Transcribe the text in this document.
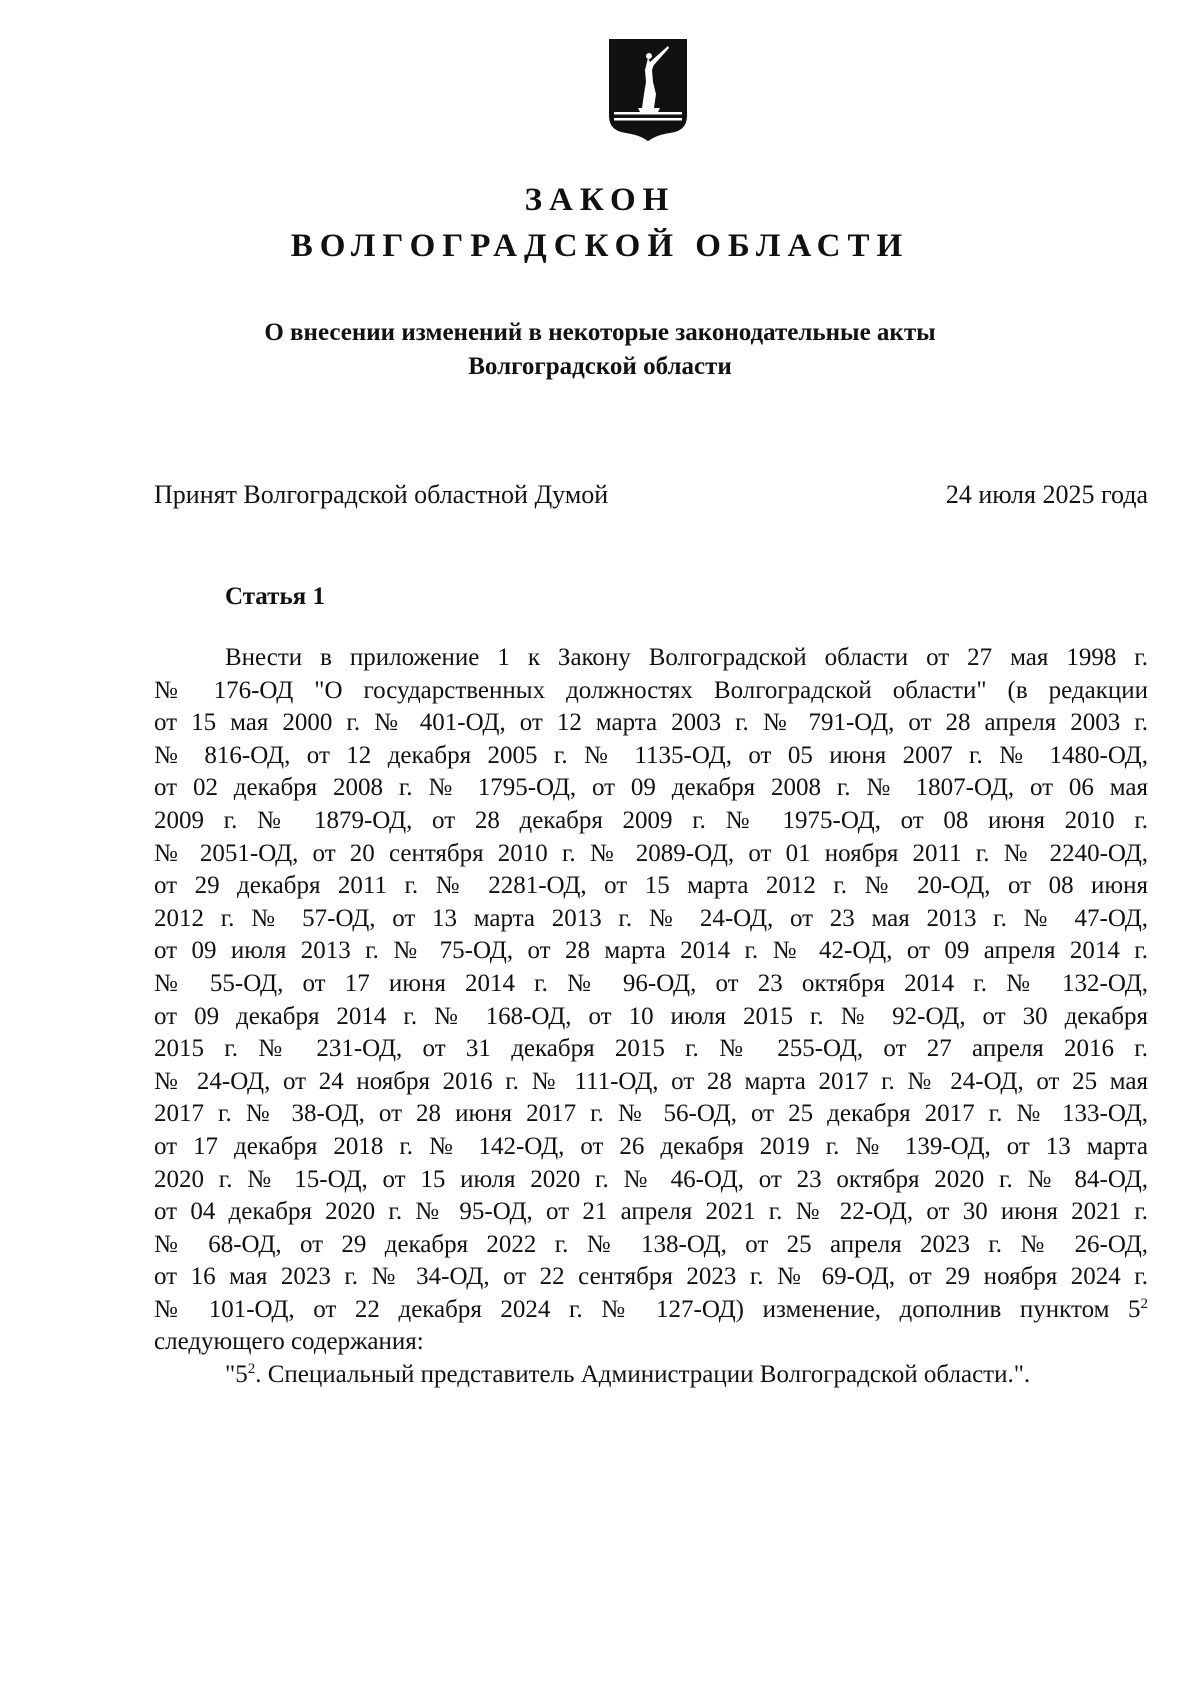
ЗАКОН
ВОЛГОГРАДСКОЙ ОБЛАСТИ
О внесении изменений в некоторые законодательные акты
Волгоградской области
Принят Волгоградской областной Думой	24 июля 2025 года
Статья 1
Внести в приложение 1 к Закону Волгоградской области от 27 мая 1998 г.
№ 176-ОД "О государственных должностях Волгоградской области" (в редакции
от 15 мая 2000 г. № 401-ОД, от 12 марта 2003 г. № 791-ОД, от 28 апреля 2003 г.
№ 816-ОД, от 12 декабря 2005 г. № 1135-ОД, от 05 июня 2007 г. № 1480-ОД,
от 02 декабря 2008 г. № 1795-ОД, от 09 декабря 2008 г. № 1807-ОД, от 06 мая
2009 г. № 1879-ОД, от 28 декабря 2009 г. № 1975-ОД, от 08 июня 2010 г.
№ 2051-ОД, от 20 сентября 2010 г. № 2089-ОД, от 01 ноября 2011 г. № 2240-ОД,
от 29 декабря 2011 г. № 2281-ОД, от 15 марта 2012 г. № 20-ОД, от 08 июня
2012 г. № 57-ОД, от 13 марта 2013 г. № 24-ОД, от 23 мая 2013 г. № 47-ОД,
от 09 июля 2013 г. № 75-ОД, от 28 марта 2014 г. № 42-ОД, от 09 апреля 2014 г.
№ 55-ОД, от 17 июня 2014 г. № 96-ОД, от 23 октября 2014 г. № 132-ОД,
от 09 декабря 2014 г. № 168-ОД, от 10 июля 2015 г. № 92-ОД, от 30 декабря
2015 г. № 231-ОД, от 31 декабря 2015 г. № 255-ОД, от 27 апреля 2016 г.
№ 24-ОД, от 24 ноября 2016 г. № 111-ОД, от 28 марта 2017 г. № 24-ОД, от 25 мая
2017 г. № 38-ОД, от 28 июня 2017 г. № 56-ОД, от 25 декабря 2017 г. № 133-ОД,
от 17 декабря 2018 г. № 142-ОД, от 26 декабря 2019 г. № 139-ОД, от 13 марта
2020 г. № 15-ОД, от 15 июля 2020 г. № 46-ОД, от 23 октября 2020 г. № 84-ОД,
от 04 декабря 2020 г. № 95-ОД, от 21 апреля 2021 г. № 22-ОД, от 30 июня 2021 г.
№ 68-ОД, от 29 декабря 2022 г. № 138-ОД, от 25 апреля 2023 г. № 26-ОД,
от 16 мая 2023 г. № 34-ОД, от 22 сентября 2023 г. № 69-ОД, от 29 ноября 2024 г.
№ 101-ОД, от 22 декабря 2024 г. № 127-ОД) изменение, дополнив пунктом $5^2$
следующего содержания:
"$5^2$. Специальный представитель Администрации Волгоградской области.".
